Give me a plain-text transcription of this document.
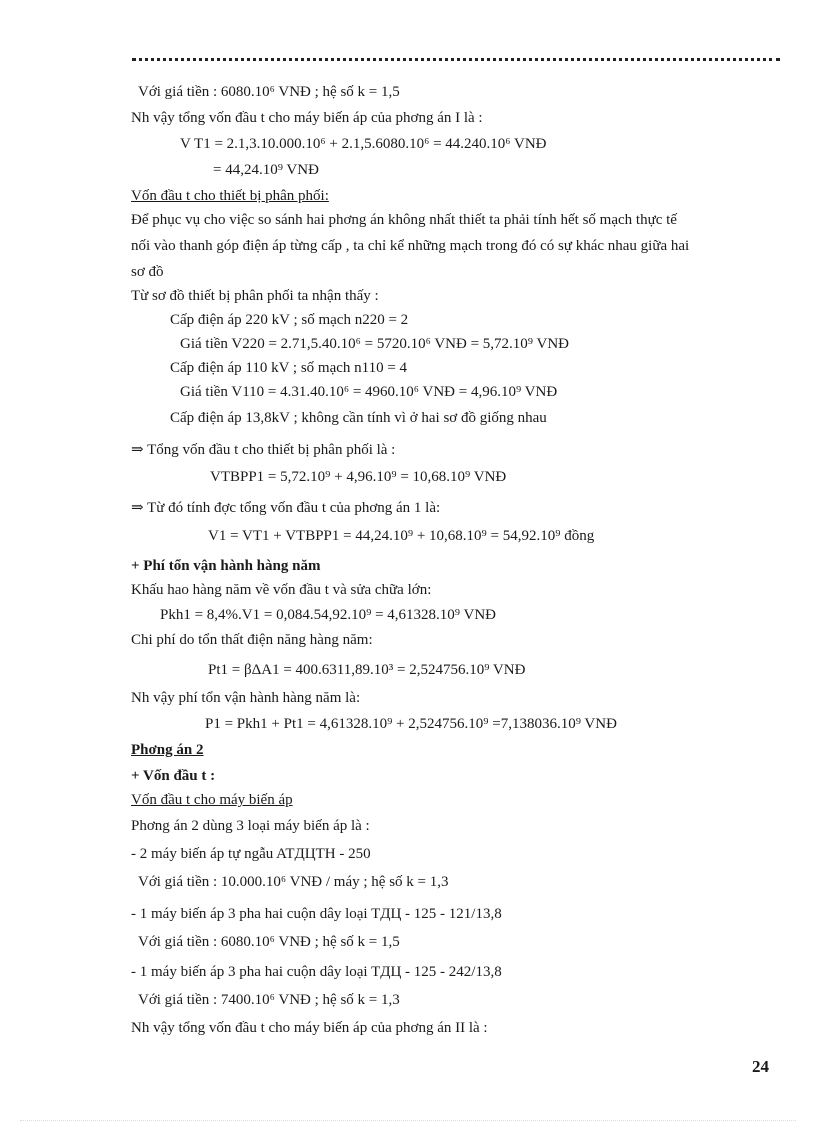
Với giá tiền : 6080.10⁶ VNĐ ; hệ số k = 1,5
Nh vậy tổng vốn đầu t cho máy biến áp của phơng án I là :
V T1 = 2.1,3.10.000.10⁶ + 2.1,5.6080.10⁶ = 44.240.10⁶ VNĐ
= 44,24.10⁹ VNĐ
Vốn đầu t cho thiết bị phân phối:
Để phục vụ cho việc so sánh hai phơng án không nhất thiết ta phải tính hết số mạch thực tế
nối vào thanh góp điện áp từng cấp , ta chỉ kể những mạch trong đó có sự khác nhau giữa hai
sơ đồ
Từ sơ đồ thiết bị phân phối ta nhận thấy :
Cấp điện áp 220 kV ; số mạch n220 = 2
Giá tiền V220 = 2.71,5.40.10⁶ = 5720.10⁶ VNĐ = 5,72.10⁹ VNĐ
Cấp điện áp 110 kV ; số mạch n110 = 4
Giá tiền V110 = 4.31.40.10⁶ = 4960.10⁶ VNĐ = 4,96.10⁹ VNĐ
Cấp điện áp 13,8kV ; không cần tính vì ở hai sơ đồ giống nhau
⇒ Tổng vốn đầu t cho thiết bị phân phối là :
VTBPP1 = 5,72.10⁹ + 4,96.10⁹ = 10,68.10⁹ VNĐ
⇒ Từ đó tính đợc tổng vốn đầu t của phơng án 1 là:
V1 = VT1 + VTBPP1 = 44,24.10⁹ + 10,68.10⁹ = 54,92.10⁹ đồng
+ Phí tổn vận hành hàng năm
Khấu hao hàng năm về vốn đầu t và sửa chữa lớn:
Pkh1 = 8,4%.V1 = 0,084.54,92.10⁹ = 4,61328.10⁹ VNĐ
Chi phí do tổn thất điện năng hàng năm:
Pt1 = βΔA1 = 400.6311,89.10³ = 2,524756.10⁹ VNĐ
Nh vậy phí tổn vận hành hàng năm là:
P1 = Pkh1 + Pt1 = 4,61328.10⁹ + 2,524756.10⁹ =7,138036.10⁹ VNĐ
Phơng án 2
+ Vốn đầu t :
Vốn đầu t cho máy biến áp
Phơng án 2 dùng 3 loại máy biến áp là :
- 2 máy biến áp tự ngẫu ATДЦTH - 250
Với giá tiền : 10.000.10⁶ VNĐ / máy ; hệ số k = 1,3
- 1 máy biến áp 3 pha hai cuộn dây loại TДЦ - 125 - 121/13,8
Với giá tiền : 6080.10⁶ VNĐ ; hệ số k = 1,5
- 1 máy biến áp 3 pha hai cuộn dây loại TДЦ - 125 - 242/13,8
Với giá tiền : 7400.10⁶ VNĐ ; hệ số k = 1,3
Nh vậy tổng vốn đầu t cho máy biến áp của phơng án II là :
24
